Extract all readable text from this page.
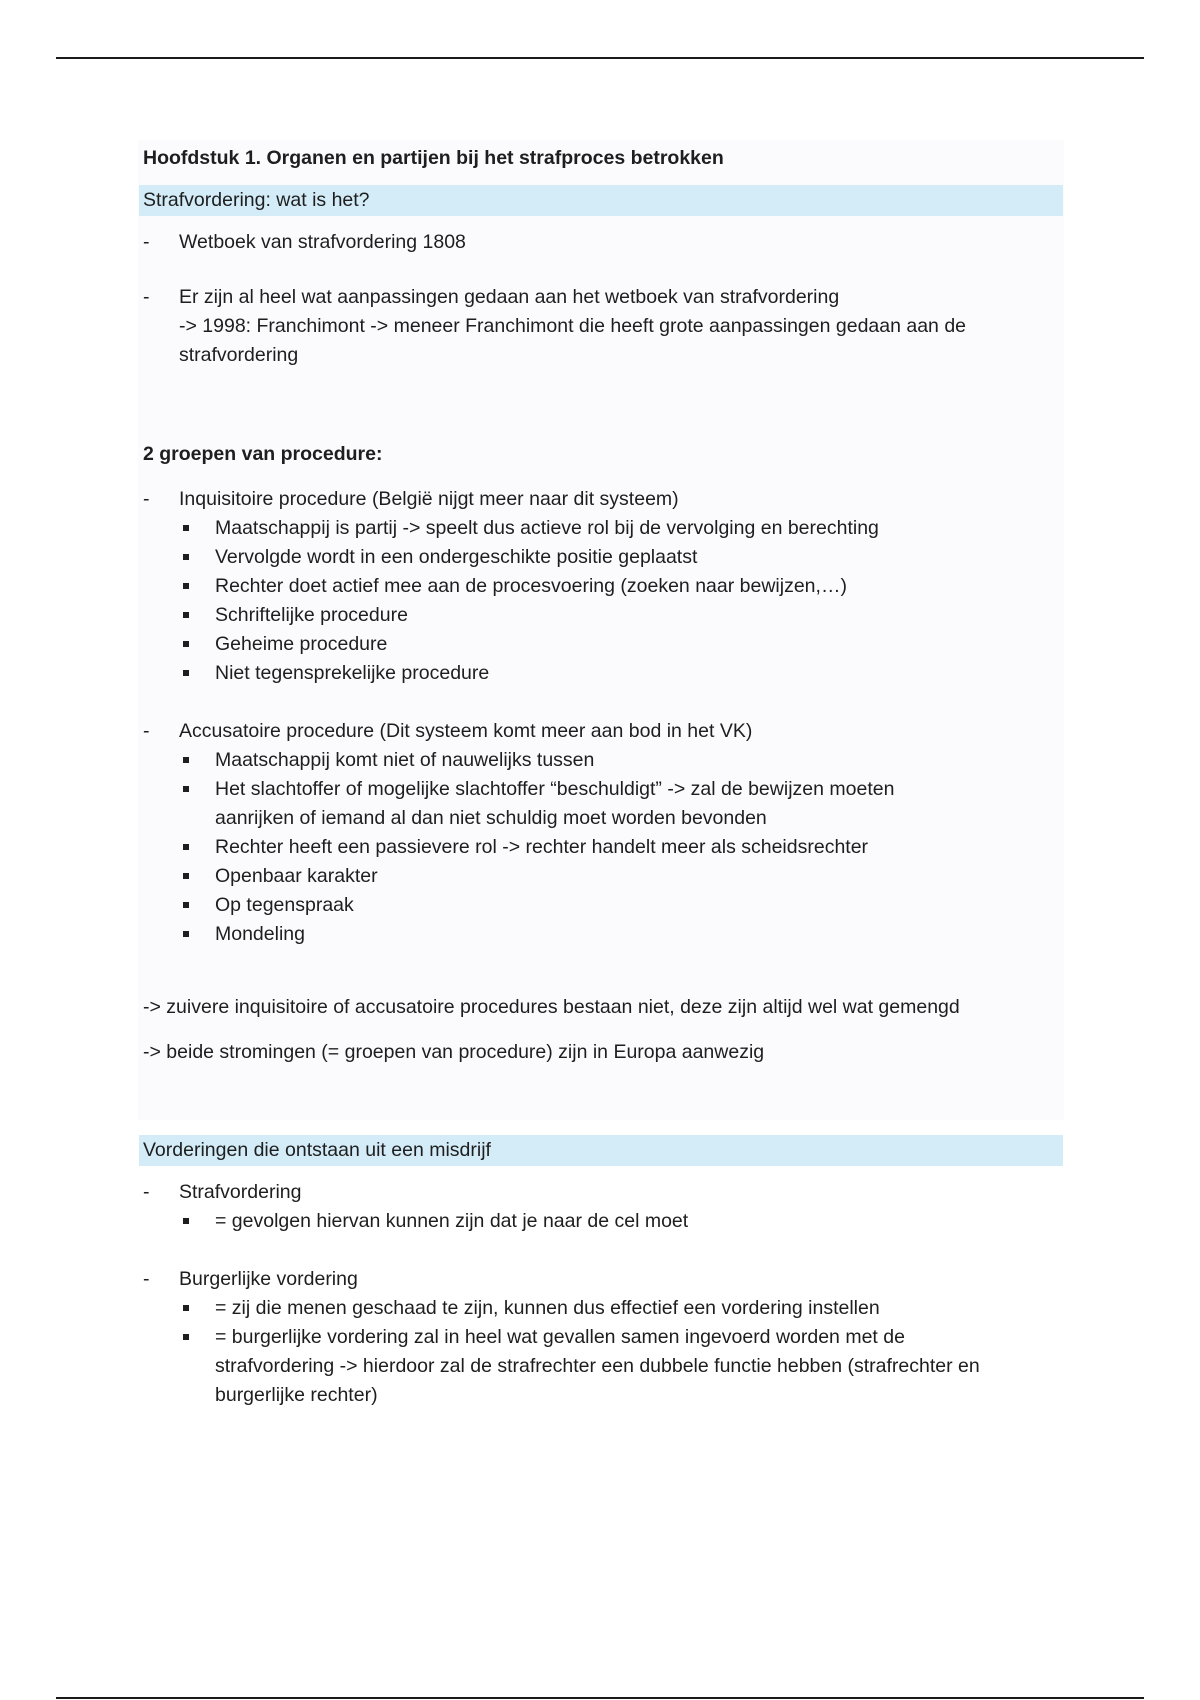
Hoofdstuk 1. Organen en partijen bij het strafproces betrokken
Strafvordering: wat is het?
- Wetboek van strafvordering 1808
- Er zijn al heel wat aanpassingen gedaan aan het wetboek van strafvordering
-> 1998: Franchimont -> meneer Franchimont die heeft grote aanpassingen gedaan aan de
strafvordering
2 groepen van procedure:
- Inquisitoire procedure (België nijgt meer naar dit systeem)
Maatschappij is partij -> speelt dus actieve rol bij de vervolging en berechting
Vervolgde wordt in een ondergeschikte positie geplaatst
Rechter doet actief mee aan de procesvoering (zoeken naar bewijzen,…)
Schriftelijke procedure
Geheime procedure
Niet tegensprekelijke procedure
- Accusatoire procedure (Dit systeem komt meer aan bod in het VK)
Maatschappij komt niet of nauwelijks tussen
Het slachtoffer of mogelijke slachtoffer “beschuldigt” -> zal de bewijzen moeten
aanrijken of iemand al dan niet schuldig moet worden bevonden
Rechter heeft een passievere rol -> rechter handelt meer als scheidsrechter
Openbaar karakter
Op tegenspraak
Mondeling

-> zuivere inquisitoire of accusatoire procedures bestaan niet, deze zijn altijd wel wat gemengd

-> beide stromingen (= groepen van procedure) zijn in Europa aanwezig

Vorderingen die ontstaan uit een misdrijf
- Strafvordering
= gevolgen hiervan kunnen zijn dat je naar de cel moet
- Burgerlijke vordering
= zij die menen geschaad te zijn, kunnen dus effectief een vordering instellen
= burgerlijke vordering zal in heel wat gevallen samen ingevoerd worden met de
strafvordering -> hierdoor zal de strafrechter een dubbele functie hebben (strafrechter en
burgerlijke rechter)
